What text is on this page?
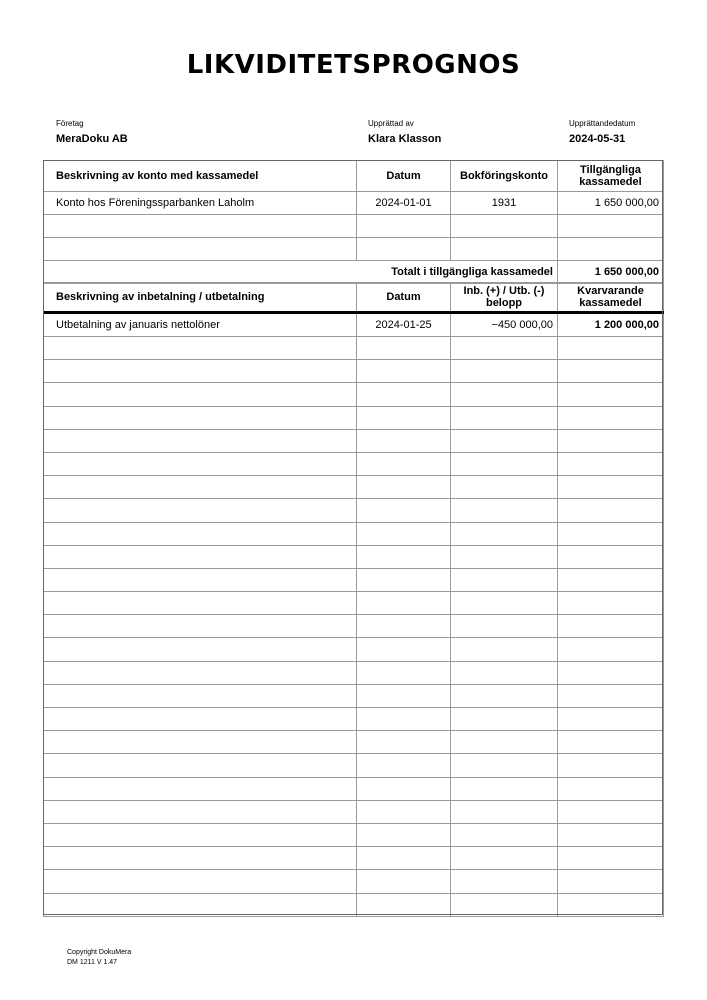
LIKVIDITETSPROGNOS
Företag
MeraDoku AB
Upprättad av
Klara Klasson
Upprättandedatum
2024-05-31
Beskrivning av konto med kassamedel	Datum	Bokföringskonto	Tillgängliga kassamedel
Konto hos Föreningssparbanken Laholm	2024-01-01	1931	1 650 000,00

	Totalt i tillgängliga kassamedel		1 650 000,00
Beskrivning av inbetalning / utbetalning	Datum	Inb. (+) / Utb. (-) belopp	Kvarvarande kassamedel
Utbetalning av januaris nettolöner	2024-01-25	−450 000,00	1 200 000,00

Copyright DokuMera
DM 1211 V 1.47
